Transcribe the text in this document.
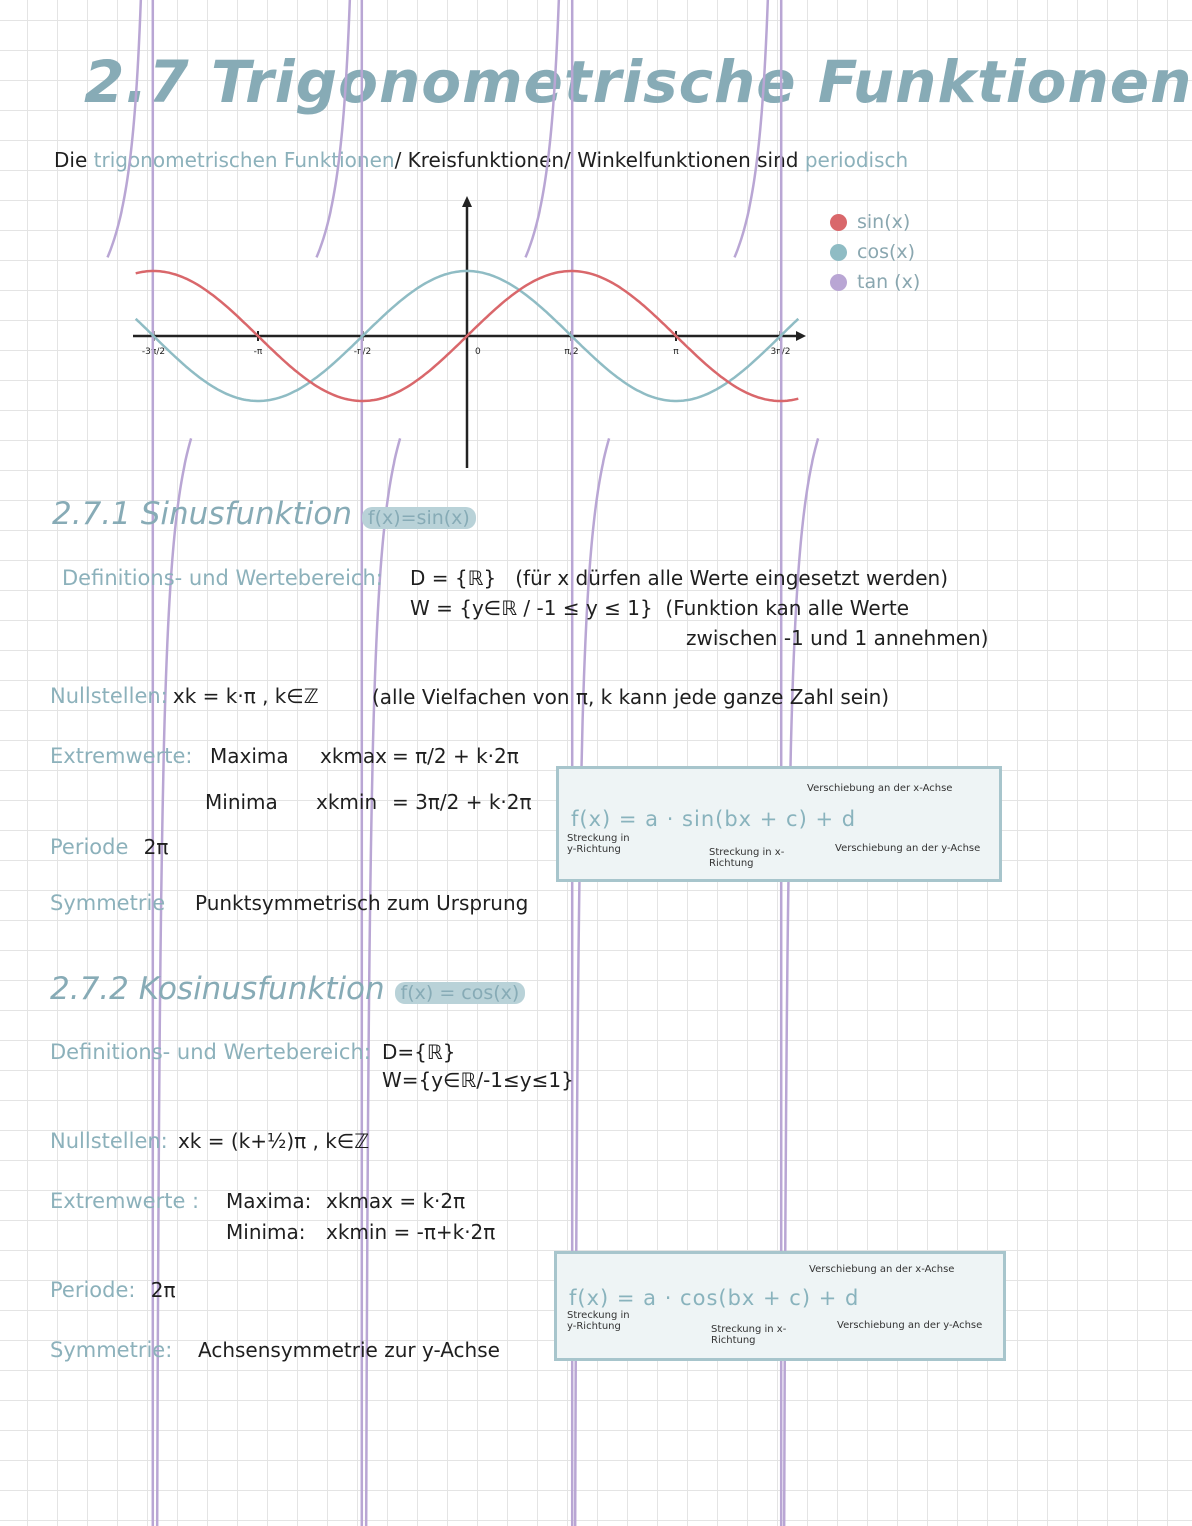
2.7 Trigonometrische Funktionen
Die trigonometrischen Funktionen/ Kreisfunktionen/ Winkelfunktionen sind periodisch
-3π/2	-π	-π/2	0	π/2	π	3π/2
sin(x)
cos(x)
tan (x)
2.7.1 Sinusfunktion f(x)=sin(x)
Definitions- und Wertebereich: D = {ℝ} (für x dürfen alle Werte eingesetzt werden)
W = {y∈ℝ / -1 ≤ y ≤ 1} (Funktion kan alle Werte
zwischen -1 und 1 annehmen)
Nullstellen: xk = k·π , k∈ℤ	(alle Vielfachen von π, k kann jede ganze Zahl sein)
Extremwerte: Maxima xkmax = π/2 + k·2π
Minima xkmin = 3π/2 + k·2π
Periode 2π
Symmetrie Punktsymmetrisch zum Ursprung
f(x) = a · sin(bx + c) + d
Verschiebung an der x-Achse
Streckung in y-Richtung	Streckung in x-Richtung
Verschiebung an der y-Achse
2.7.2 Kosinusfunktion f(x) = cos(x)
Definitions- und Wertebereich: D={ℝ}
W={y∈ℝ/-1≤y≤1}
Nullstellen: xk = (k+½)π , k∈ℤ
Extremwerte : Maxima: xkmax = k·2π
Minima: xkmin = -π+k·2π
Periode: 2π
Symmetrie: Achsensymmetrie zur y-Achse
f(x) = a · cos(bx + c) + d
Verschiebung an der x-Achse
Streckung in y-Richtung	Streckung in x-Richtung
Verschiebung an der y-Achse
